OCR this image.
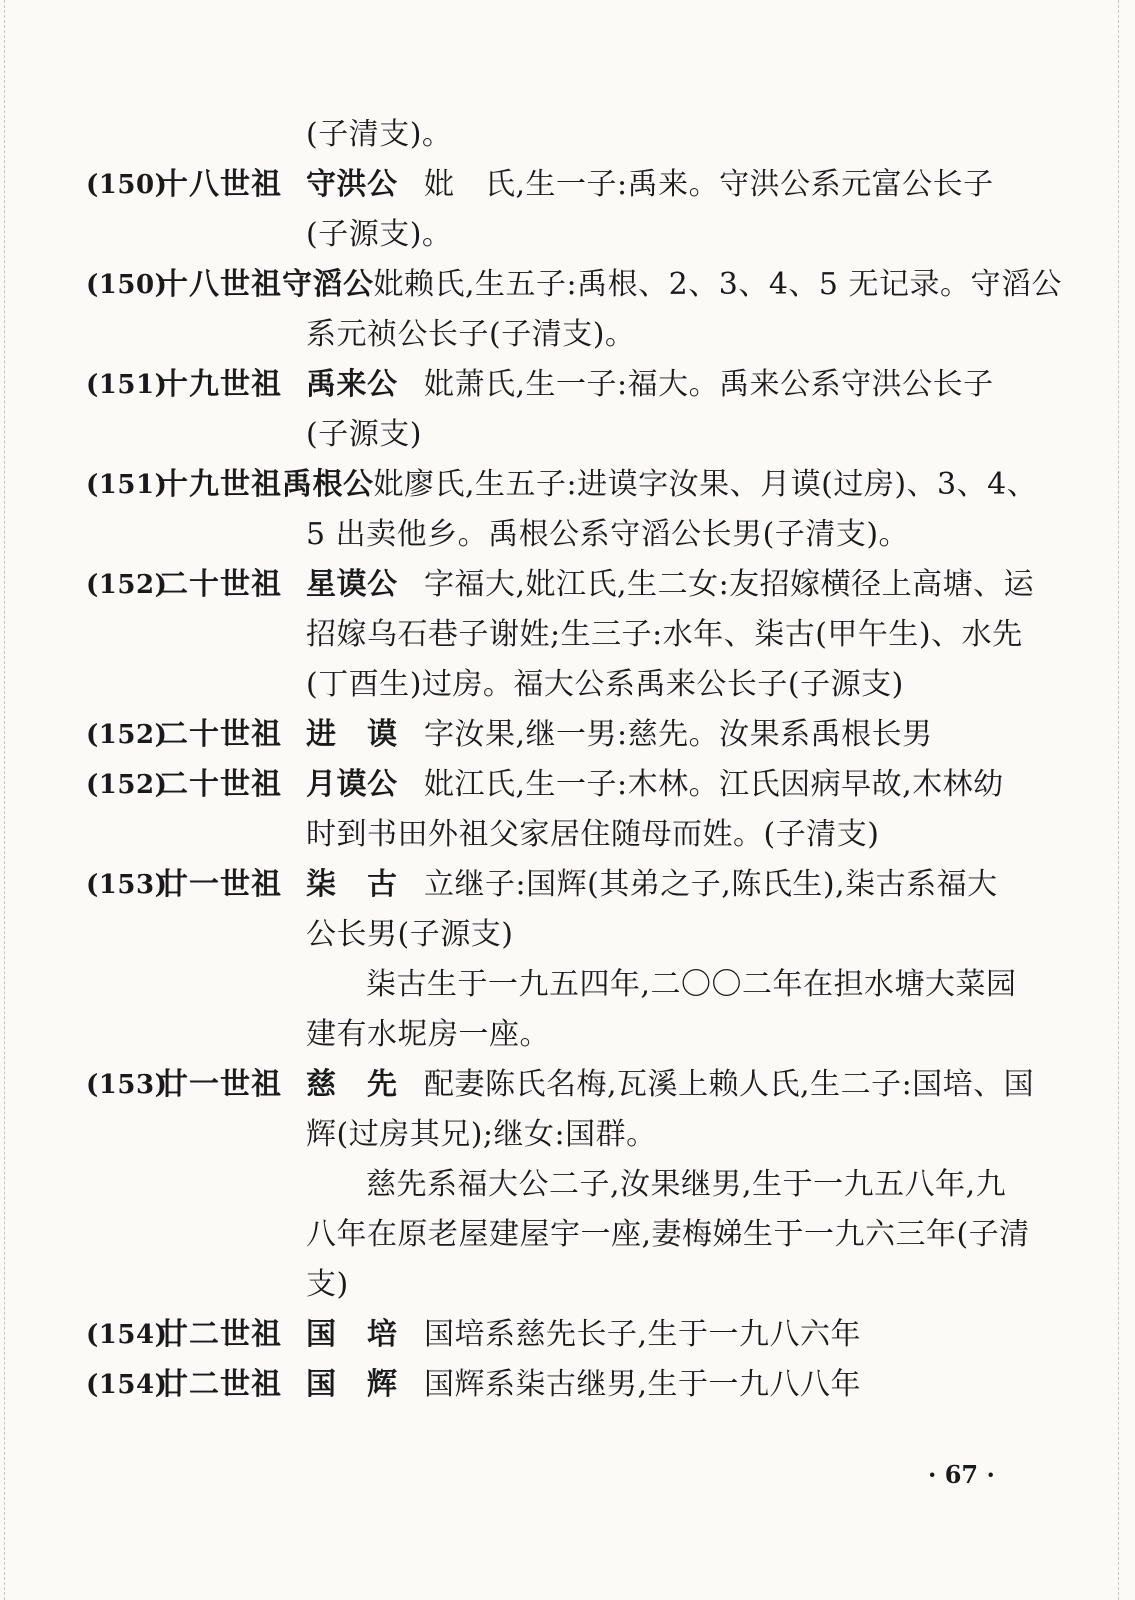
(子清支)。
(150)
十八世祖 守洪公 妣　氏,生一子:禹来。守洪公系元富公长子
(子源支)。
(150)
十八世祖 守滔公 妣赖氏,生五子:禹根、2、3、4、5 无记录。守滔公
系元祯公长子(子清支)。
(151)
十九世祖 禹来公 妣萧氏,生一子:福大。禹来公系守洪公长子
(子源支)
(151)
十九世祖 禹根公 妣廖氏,生五子:进谟字汝果、月谟(过房)、3、4、
5 出卖他乡。禹根公系守滔公长男(子清支)。
(152)
二十世祖 星谟公 字福大,妣江氏,生二女:友招嫁横径上高塘、运
招嫁乌石巷子谢姓;生三子:水年、柒古(甲午生)、水先
(丁酉生)过房。福大公系禹来公长子(子源支)
(152)
二十世祖 进　谟 字汝果,继一男:慈先。汝果系禹根长男
(152)
二十世祖 月谟公 妣江氏,生一子:木林。江氏因病早故,木林幼
时到书田外祖父家居住随母而姓。(子清支)
(153)
廿一世祖 柒　古 立继子:国辉(其弟之子,陈氏生),柒古系福大
公长男(子源支)
柒古生于一九五四年,二〇〇二年在担水塘大菜园
建有水坭房一座。
(153)
廿一世祖 慈　先 配妻陈氏名梅,瓦溪上赖人氏,生二子:国培、国
辉(过房其兄);继女:国群。
慈先系福大公二子,汝果继男,生于一九五八年,九
八年在原老屋建屋宇一座,妻梅娣生于一九六三年(子清
支)
(154)
廿二世祖 国　培 国培系慈先长子,生于一九八六年
(154)
廿二世祖 国　辉 国辉系柒古继男,生于一九八八年
· 67 ·
